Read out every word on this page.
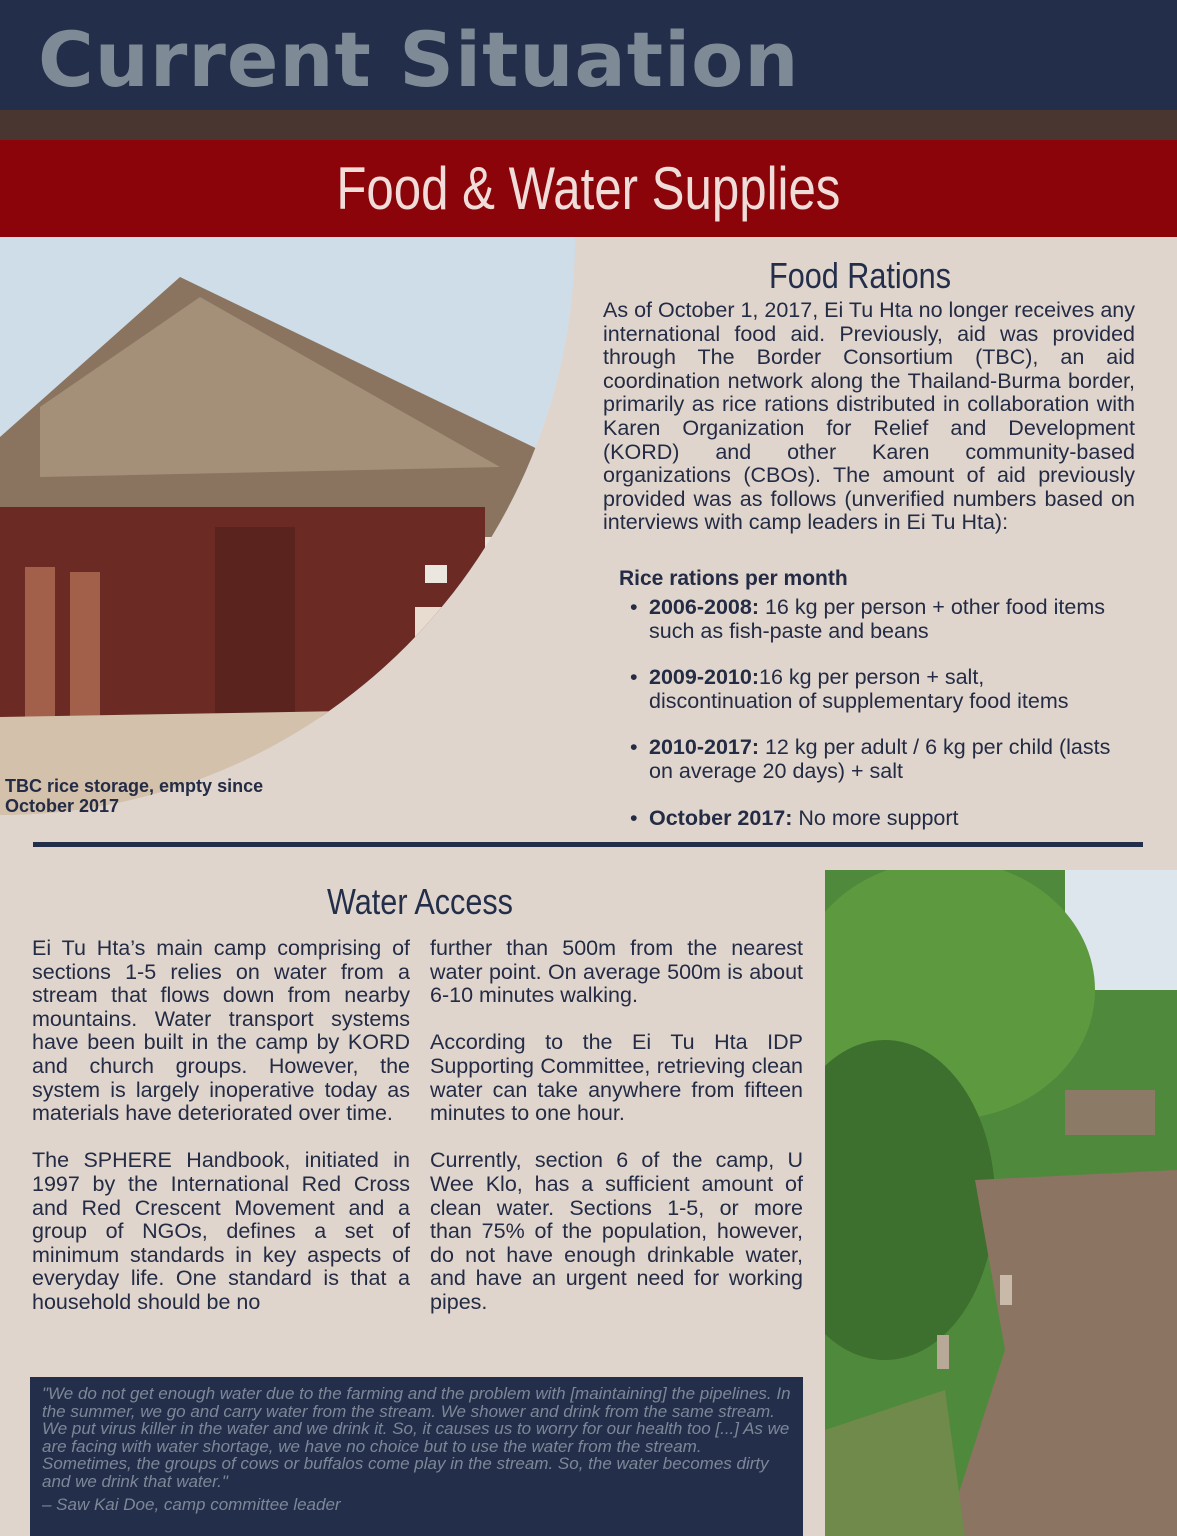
Current Situation
Food & Water Supplies
TBC rice storage, empty since October 2017
Food Rations
As of October 1, 2017, Ei Tu Hta no longer receives any international food aid. Previously, aid was provided through The Border Consortium (TBC), an aid coordination network along the Thailand-Burma border, primarily as rice rations distributed in collaboration with Karen Organization for Relief and Development (KORD) and other Karen community-based organizations (CBOs). The amount of aid previously provided was as follows (unverified numbers based on interviews with camp leaders in Ei Tu Hta):
Rice rations per month
• 2006-2008: 16 kg per person + other food items such as fish-paste and beans
• 2009-2010:16 kg per person + salt, discontinuation of supplementary food items
• 2010-2017: 12 kg per adult / 6 kg per child (lasts on average 20 days) + salt
• October 2017: No more support
Water Access

Ei Tu Hta’s main camp comprising of sections 1-5 relies on water from a stream that flows down from nearby mountains. Water transport systems have been built in the camp by KORD and church groups. However, the system is largely inoperative today as materials have deteriorated over time.

The SPHERE Handbook, initiated in 1997 by the International Red Cross and Red Crescent Movement and a group of NGOs, defines a set of minimum standards in key aspects of everyday life. One standard is that a household should be no

further than 500m from the nearest water point. On average 500m is about 6-10 minutes walking.

According to the Ei Tu Hta IDP Supporting Committee, retrieving clean water can take anywhere from fifteen minutes to one hour.

Currently, section 6 of the camp, U Wee Klo, has a sufficient amount of clean water. Sections 1-5, or more than 75% of the population, however, do not have enough drinkable water, and have an urgent need for working pipes.

"We do not get enough water due to the farming and the problem with [maintaining] the pipelines. In the summer, we go and carry water from the stream. We shower and drink from the same stream. We put virus killer in the water and we drink it. So, it causes us to worry for our health too [...] As we are facing with water shortage, we have no choice but to use the water from the stream. Sometimes, the groups of cows or buffalos come play in the stream. So, the water becomes dirty and we drink that water."

– Saw Kai Doe, camp committee leader
